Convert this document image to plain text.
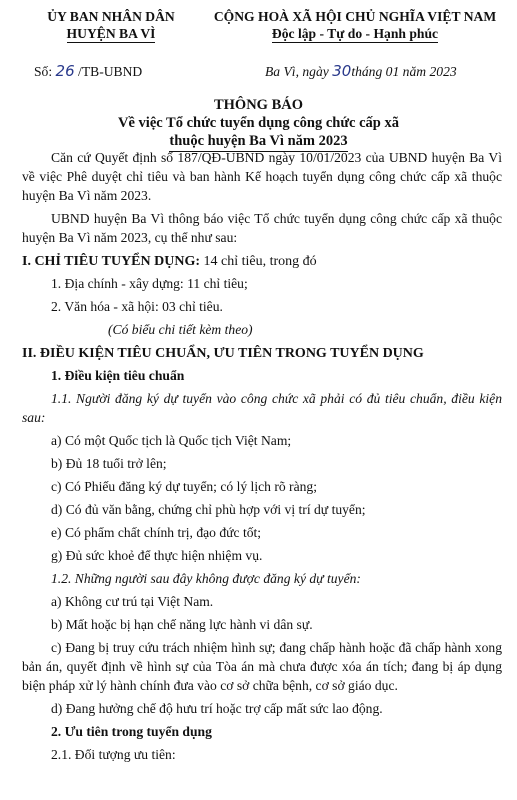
ỦY BAN NHÂN DÂN
HUYỆN BA VÌ
CỘNG HOÀ XÃ HỘI CHỦ NGHĨA VIỆT NAM
Độc lập - Tự do - Hạnh phúc
Số: 26 /TB-UBND	Ba Vì, ngày 30tháng 01 năm 2023
THÔNG BÁO
Về việc Tổ chức tuyển dụng công chức cấp xã
thuộc huyện Ba Vì năm 2023

Căn cứ Quyết định số 187/QĐ-UBND ngày 10/01/2023 của UBND huyện Ba Vì về việc Phê duyệt chỉ tiêu và ban hành Kế hoạch tuyển dụng công chức cấp xã thuộc huyện Ba Vì năm 2023.

UBND huyện Ba Vì thông báo việc Tổ chức tuyển dụng công chức cấp xã thuộc huyện Ba Vì năm 2023, cụ thể như sau:

I. CHỈ TIÊU TUYỂN DỤNG: 14 chỉ tiêu, trong đó

1. Địa chính - xây dựng: 11 chỉ tiêu;

2. Văn hóa - xã hội: 03 chỉ tiêu.

(Có biểu chi tiết kèm theo)

II. ĐIỀU KIỆN TIÊU CHUẨN, ƯU TIÊN TRONG TUYỂN DỤNG
1. Điều kiện tiêu chuẩn

1.1. Người đăng ký dự tuyển vào công chức xã phải có đủ tiêu chuẩn, điều kiện sau:

a) Có một Quốc tịch là Quốc tịch Việt Nam;

b) Đủ 18 tuổi trở lên;

c) Có Phiếu đăng ký dự tuyển; có lý lịch rõ ràng;

d) Có đủ văn bằng, chứng chỉ phù hợp với vị trí dự tuyển;

e) Có phẩm chất chính trị, đạo đức tốt;

g) Đủ sức khoẻ để thực hiện nhiệm vụ.

1.2. Những người sau đây không được đăng ký dự tuyển:

a) Không cư trú tại Việt Nam.

b) Mất hoặc bị hạn chế năng lực hành vi dân sự.

c) Đang bị truy cứu trách nhiệm hình sự; đang chấp hành hoặc đã chấp hành xong bản án, quyết định về hình sự của Tòa án mà chưa được xóa án tích; đang bị áp dụng biện pháp xử lý hành chính đưa vào cơ sở chữa bệnh, cơ sở giáo dục.

d) Đang hưởng chế độ hưu trí hoặc trợ cấp mất sức lao động.

2. Ưu tiên trong tuyển dụng

2.1. Đối tượng ưu tiên:
